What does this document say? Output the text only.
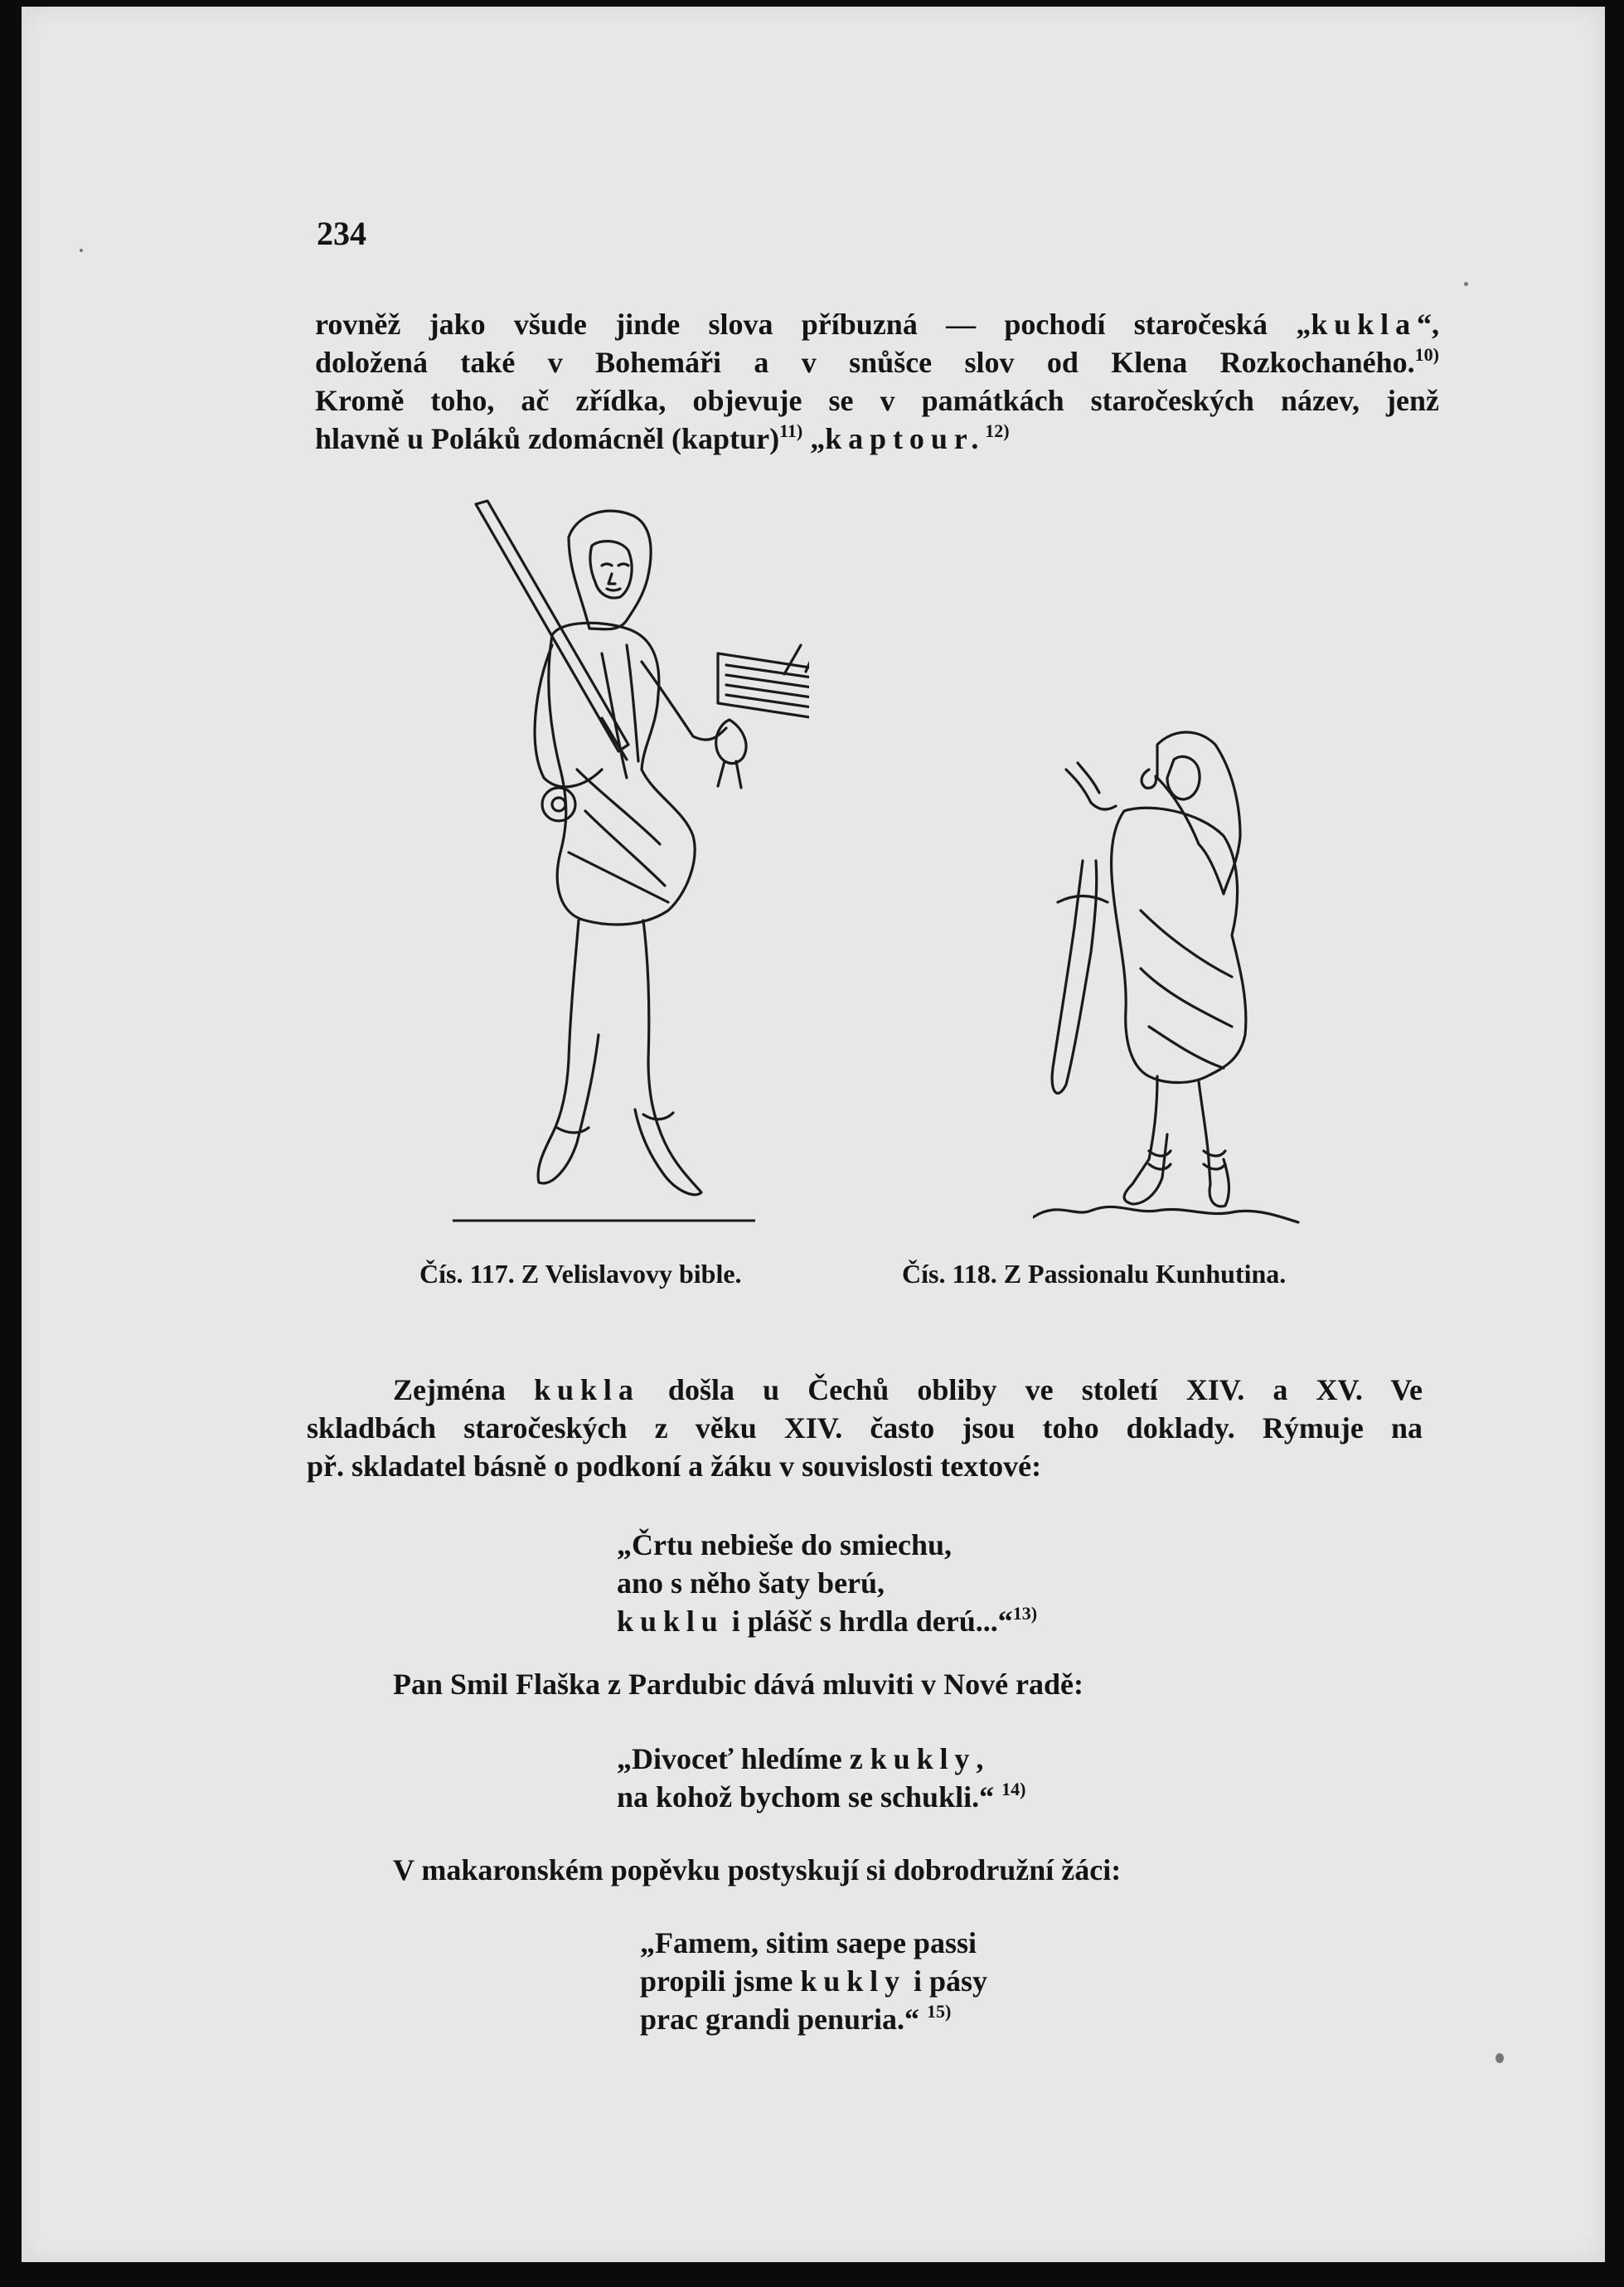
234
rovněž jako všude jinde slova příbuzná — pochodí staročeská „kukla“,
doložená také v Bohemáři a v snůšce slov od Klena Rozkochaného.$^{10)}$
Kromě toho, ač zřídka, objevuje se v památkách staročeských název, jenž
hlavně u Poláků zdomácněl (kaptur)$^{11)}$ „kaptour.$^{12)}$
Čís. 117. Z Velislavovy bible.	Čís. 118. Z Passionalu Kunhutina.
Zejména kukla došla u Čechů obliby ve století XIV. a XV. Ve
skladbách staročeských z věku XIV. často jsou toho doklady. Rýmuje na
př. skladatel básně o podkoní a žáku v souvislosti textové:
„Črtu nebieše do smiechu,
ano s něho šaty berú,
kuklu i plášč s hrdla derú...“$^{13)}$
Pan Smil Flaška z Pardubic dává mluviti v Nové radě:
„Divoceť hledíme z kukly,
na kohož bychom se schukli.“ $^{14)}$
V makaronském popěvku postyskují si dobrodružní žáci:
„Famem, sitim saepe passi
propili jsme kukly i pásy
prac grandi penuria.“ $^{15)}$
